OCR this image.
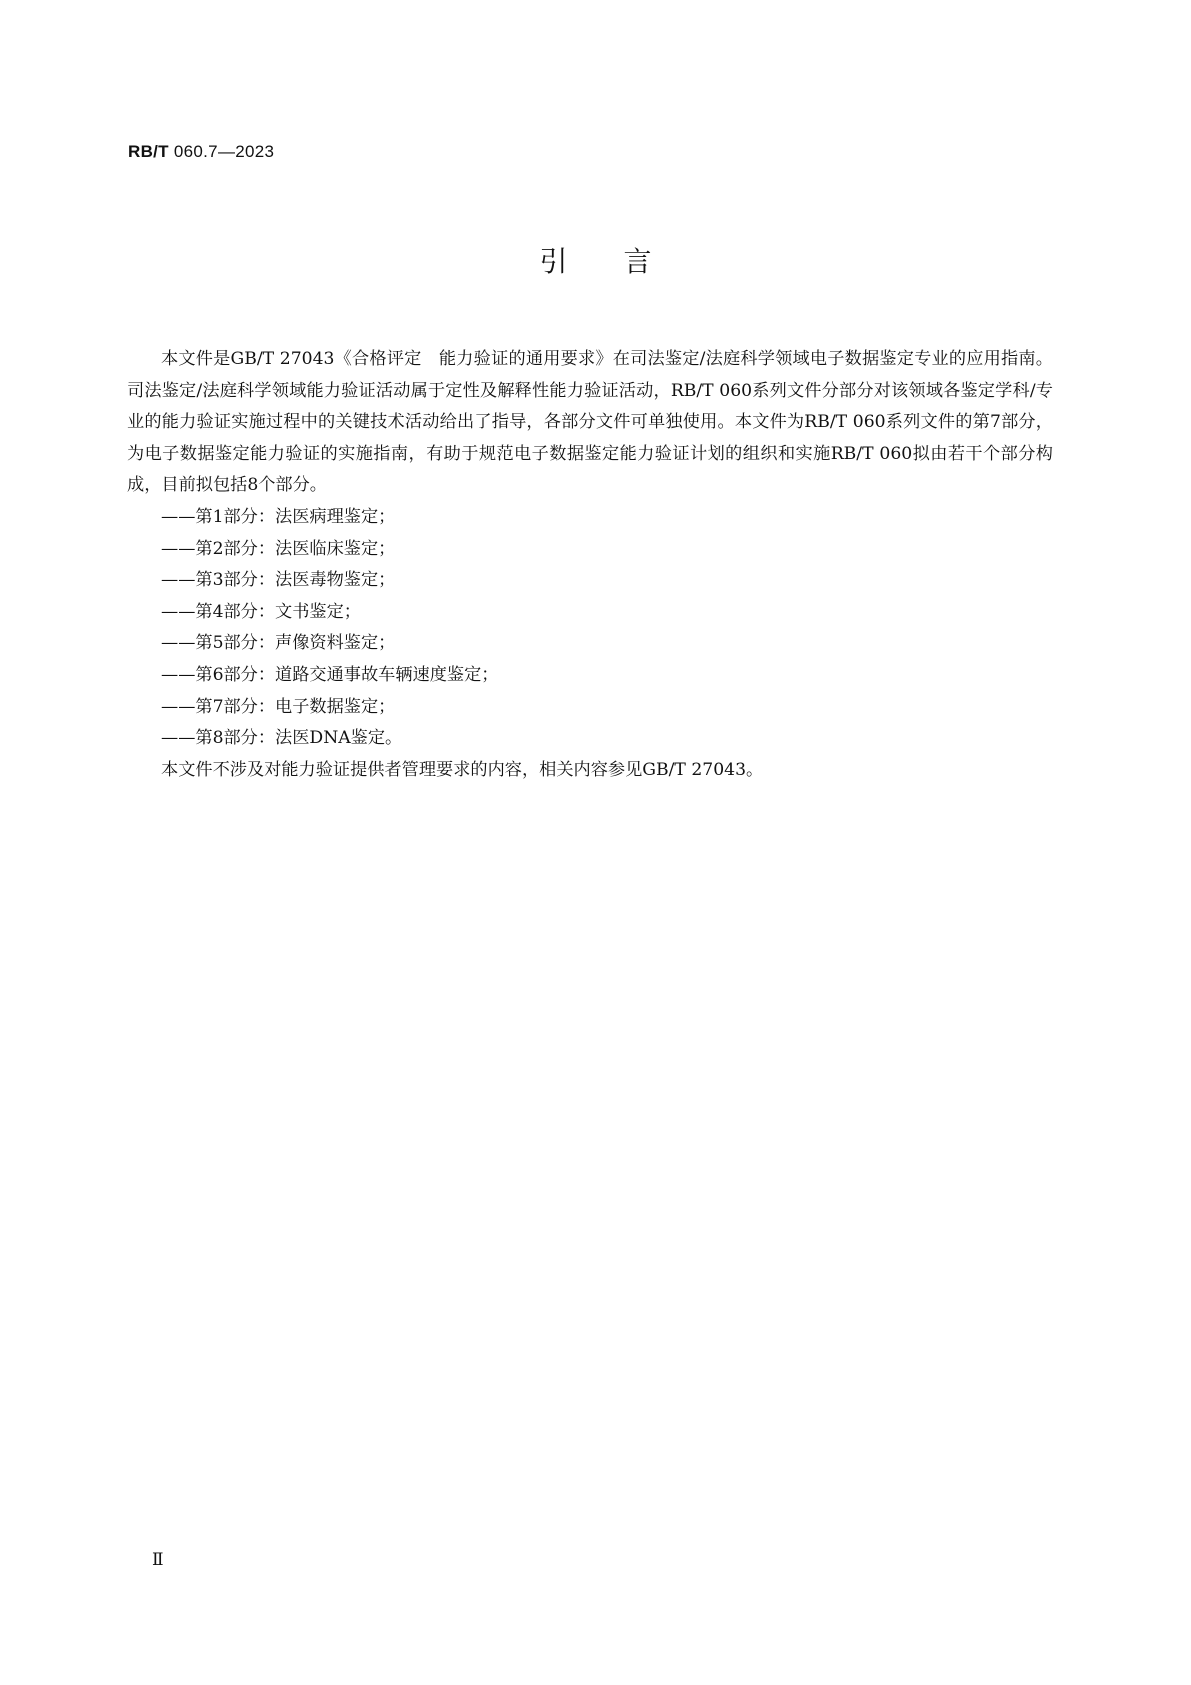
RB/T 060.7—2023
引 言

本文件是GB/T 27043《合格评定　能力验证的通用要求》在司法鉴定/法庭科学领域电子数据鉴定专业的应用指南。司法鉴定/法庭科学领域能力验证活动属于定性及解释性能力验证活动，RB/T 060系列文件分部分对该领域各鉴定学科/专业的能力验证实施过程中的关键技术活动给出了指导，各部分文件可单独使用。本文件为RB/T 060系列文件的第7部分，为电子数据鉴定能力验证的实施指南，有助于规范电子数据鉴定能力验证计划的组织和实施RB/T 060拟由若干个部分构成，目前拟包括8个部分。

——第1部分：法医病理鉴定；
——第2部分：法医临床鉴定；
——第3部分：法医毒物鉴定；
——第4部分：文书鉴定；
——第5部分：声像资料鉴定；
——第6部分：道路交通事故车辆速度鉴定；
——第7部分：电子数据鉴定；
——第8部分：法医DNA鉴定。

本文件不涉及对能力验证提供者管理要求的内容，相关内容参见GB/T 27043。

Ⅱ
